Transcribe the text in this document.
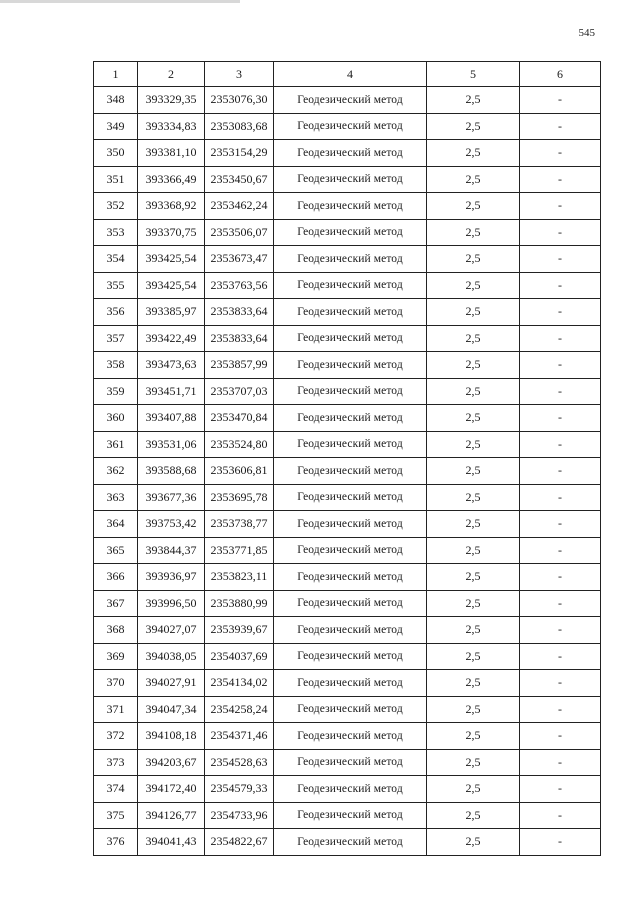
545
1	2	3	4	5	6
348	393329,35	2353076,30	Геодезический метод	2,5	-
349	393334,83	2353083,68	Геодезический метод	2,5	-
350	393381,10	2353154,29	Геодезический метод	2,5	-
351	393366,49	2353450,67	Геодезический метод	2,5	-
352	393368,92	2353462,24	Геодезический метод	2,5	-
353	393370,75	2353506,07	Геодезический метод	2,5	-
354	393425,54	2353673,47	Геодезический метод	2,5	-
355	393425,54	2353763,56	Геодезический метод	2,5	-
356	393385,97	2353833,64	Геодезический метод	2,5	-
357	393422,49	2353833,64	Геодезический метод	2,5	-
358	393473,63	2353857,99	Геодезический метод	2,5	-
359	393451,71	2353707,03	Геодезический метод	2,5	-
360	393407,88	2353470,84	Геодезический метод	2,5	-
361	393531,06	2353524,80	Геодезический метод	2,5	-
362	393588,68	2353606,81	Геодезический метод	2,5	-
363	393677,36	2353695,78	Геодезический метод	2,5	-
364	393753,42	2353738,77	Геодезический метод	2,5	-
365	393844,37	2353771,85	Геодезический метод	2,5	-
366	393936,97	2353823,11	Геодезический метод	2,5	-
367	393996,50	2353880,99	Геодезический метод	2,5	-
368	394027,07	2353939,67	Геодезический метод	2,5	-
369	394038,05	2354037,69	Геодезический метод	2,5	-
370	394027,91	2354134,02	Геодезический метод	2,5	-
371	394047,34	2354258,24	Геодезический метод	2,5	-
372	394108,18	2354371,46	Геодезический метод	2,5	-
373	394203,67	2354528,63	Геодезический метод	2,5	-
374	394172,40	2354579,33	Геодезический метод	2,5	-
375	394126,77	2354733,96	Геодезический метод	2,5	-
376	394041,43	2354822,67	Геодезический метод	2,5	-
